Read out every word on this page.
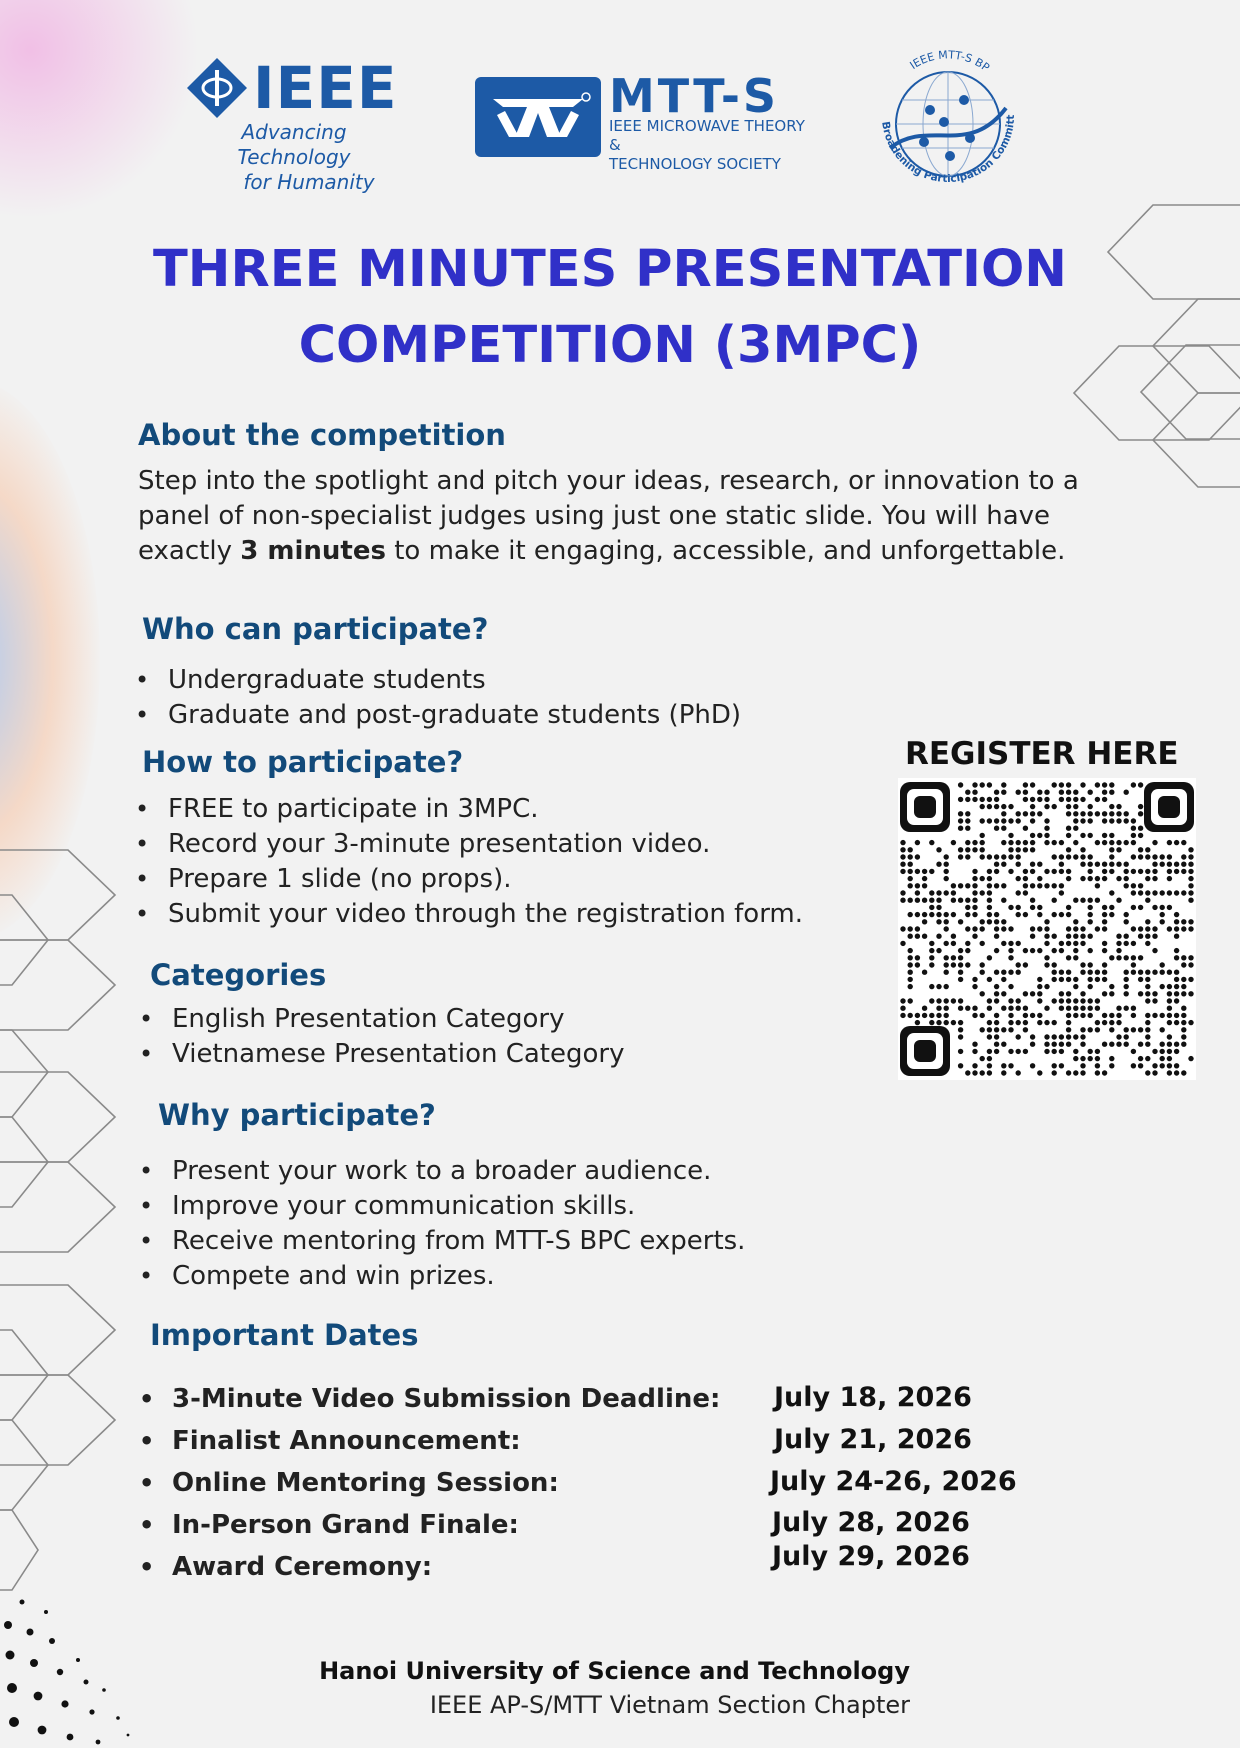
IEEE
Advancing Technology
for Humanity
MTT-S
IEEE MICROWAVE THEORY &
TECHNOLOGY SOCIETY
IEEE MTT-S BP
Broadening Participation Committ
THREE MINUTES PRESENTATION
COMPETITION (3MPC)
About the competition

Step into the spotlight and pitch your ideas, research, or innovation to a panel of non-specialist judges using just one static slide. You will have exactly 3 minutes to make it engaging, accessible, and unforgettable.

Who can participate?
• Undergraduate students
• Graduate and post-graduate students (PhD)
How to participate?
• FREE to participate in 3MPC.
• Record your 3-minute presentation video.
• Prepare 1 slide (no props).
• Submit your video through the registration form.
Categories
• English Presentation Category
• Vietnamese Presentation Category
Why participate?
• Present your work to a broader audience.
• Improve your communication skills.
• Receive mentoring from MTT-S BPC experts.
• Compete and win prizes.
Important Dates
• 3-Minute Video Submission Deadline:
• Finalist Announcement:
• Online Mentoring Session:
• In-Person Grand Finale:
• Award Ceremony:
July 18, 2026
July 21, 2026
July 24-26, 2026
July 28, 2026
July 29, 2026
REGISTER HERE
Hanoi University of Science and Technology
IEEE AP-S/MTT Vietnam Section Chapter
